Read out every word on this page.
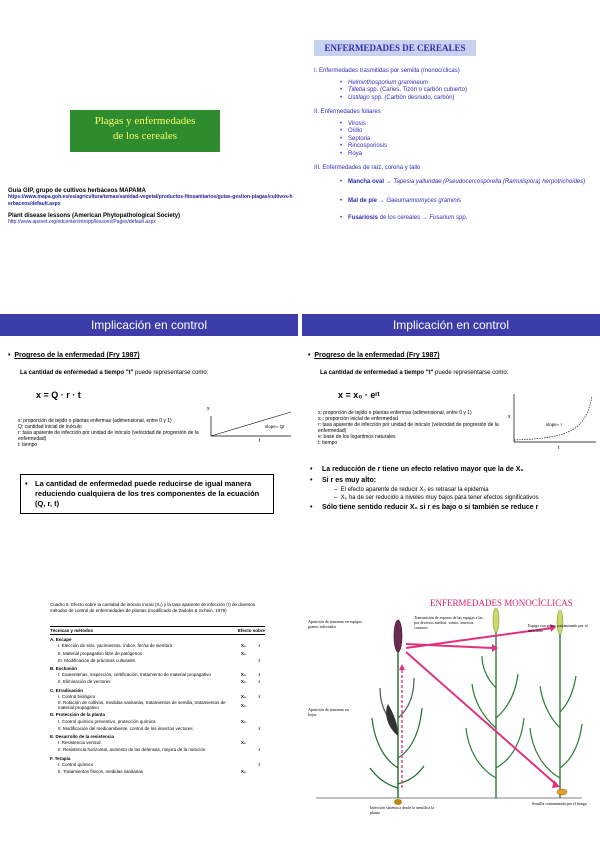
Plagas y enfermedades
de los cereales
Guía GIP, grupo de cultivos herbáceos MAPAMA
https://www.mapa.gob.es/es/agricultura/temas/sanidad-vegetal/productos-fitosanitarios/guias-gestion-plagas/cultivos-herbaceos/default.aspx
Plant disease lessons (American Phytopathological Society)
http://www.apsnet.org/edcenter/intropp/lessons/Pages/default.aspx
ENFERMEDADES DE CEREALES
I. Enfermedades trasmitidas por semilla (monocíclicas)
• Helminthosporium gramineum
• Tilletia spp. (Caries, Tizón o carbón cubierto)
• Ustilago spp. (Carbón desnudo, carbón)
II. Enfermedades foliares
• Virosis
• Oídio
• Septoria
• Rincosporiosis
• Roya
III. Enfermedades de raíz, corona y tallo
• Mancha oval → Tapesia yallundae (Pseudocercosporella (Ramulispora) herpotrichoides)
• Mal de pie → Gaeumannomyces graminis
• Fusariosis de los cereales → Fusarium spp.
Implicación en control
•  Progreso de la enfermedad (Fry 1987)
La cantidad de enfermedad a tiempo "t" puede representarse como:
x = Q · r · t
x
slope= Qr
t
x: proporción de tejido o plantas enfermas (adimensional, entre 0 y 1)
Q: cantidad inicial de inóculo
r: tasa aparente de infección por unidad de inóculo (velocidad de progresión de la enfermedad)
t: tiempo
• La cantidad de enfermedad puede reducirse de igual manera reduciendo cualquiera de los tres componentes de la ecuación (Q, r, t)
Implicación en control
•  Progreso de la enfermedad (Fry 1987)
La cantidad de enfermedad a tiempo "t" puede representarse como:
x = x₀ · eʳᵗ
x
slope= r
t
x: proporción de tejido o plantas enfermas (adimensional, entre 0 y 1)
x₀: proporción inicial de enfermedad
r: tasa aparente de infección por unidad de inóculo (velocidad de progresión de la enfermedad)
e: base de los logaritmos naturales
t: tiempo
• La reducción de r tiene un efecto relativo mayor que la de X₀
• Si r es muy alto:
–  El efecto aparente de reducir X₀ es retrasar la epidemia
–  X₀ ha de ser reducido a niveles muy bajos para tener efectos significativos
• Sólo tiene sentido reducir X₀ si r es bajo o si también se reduce r
Cuadro 6. Efecto sobre la cantidad de inóculo inicial (X₀) y la tasa aparente de infección (r) de diversos métodos de control de enfermedades de plantas (modificado de Zadoks & Schein, 1979)
Técnicas y métodos	Efecto sobre	
A. Escape		
I. Elección de sitio, yacimientos, índice, fecha de siembra	X₀	r
II. Material propagativo libre de patógenos	X₀	
III. Modificación de prácticas culturales		r
B. Exclusión		
I. Cuarentenas, inspección, certificación, tratamiento de material propagativo	X₀	r
II. Eliminación de vectores	X₀	r
C. Erradicación		
I. Control biológico	X₀	r
II. Rotación de cultivos, medidas sanitarias, tratamientos de semilla, tratamientos de material propagativo	X₀	
D. Protección de la planta		
I. Control químico preventivo, protección química	X₀	
II. Modificación del medioambiente, control de los insectos vectores		r
E. Desarrollo de la resistencia		
I. Resistencia vertical	X₀	
II. Resistencia horizontal, aumento de las defensas, mejora de la nutrición		r
F. Terapia		
I. Control químico		r
II. Tratamientos físicos, medidas sanitarias	X₀	
ENFERMEDADES MONOCÍCLICAS
Aparición de sintomas en espigas, granos infectados
Transmisión de esporas de las espigas a las por diversos medios: viento, insectos, contacto	Espiga con grano contaminado por el infectado
Aparición de sintomas en hojas
Infección sistémica desde la semilla a la planta
Semilla contaminada por el hongo
